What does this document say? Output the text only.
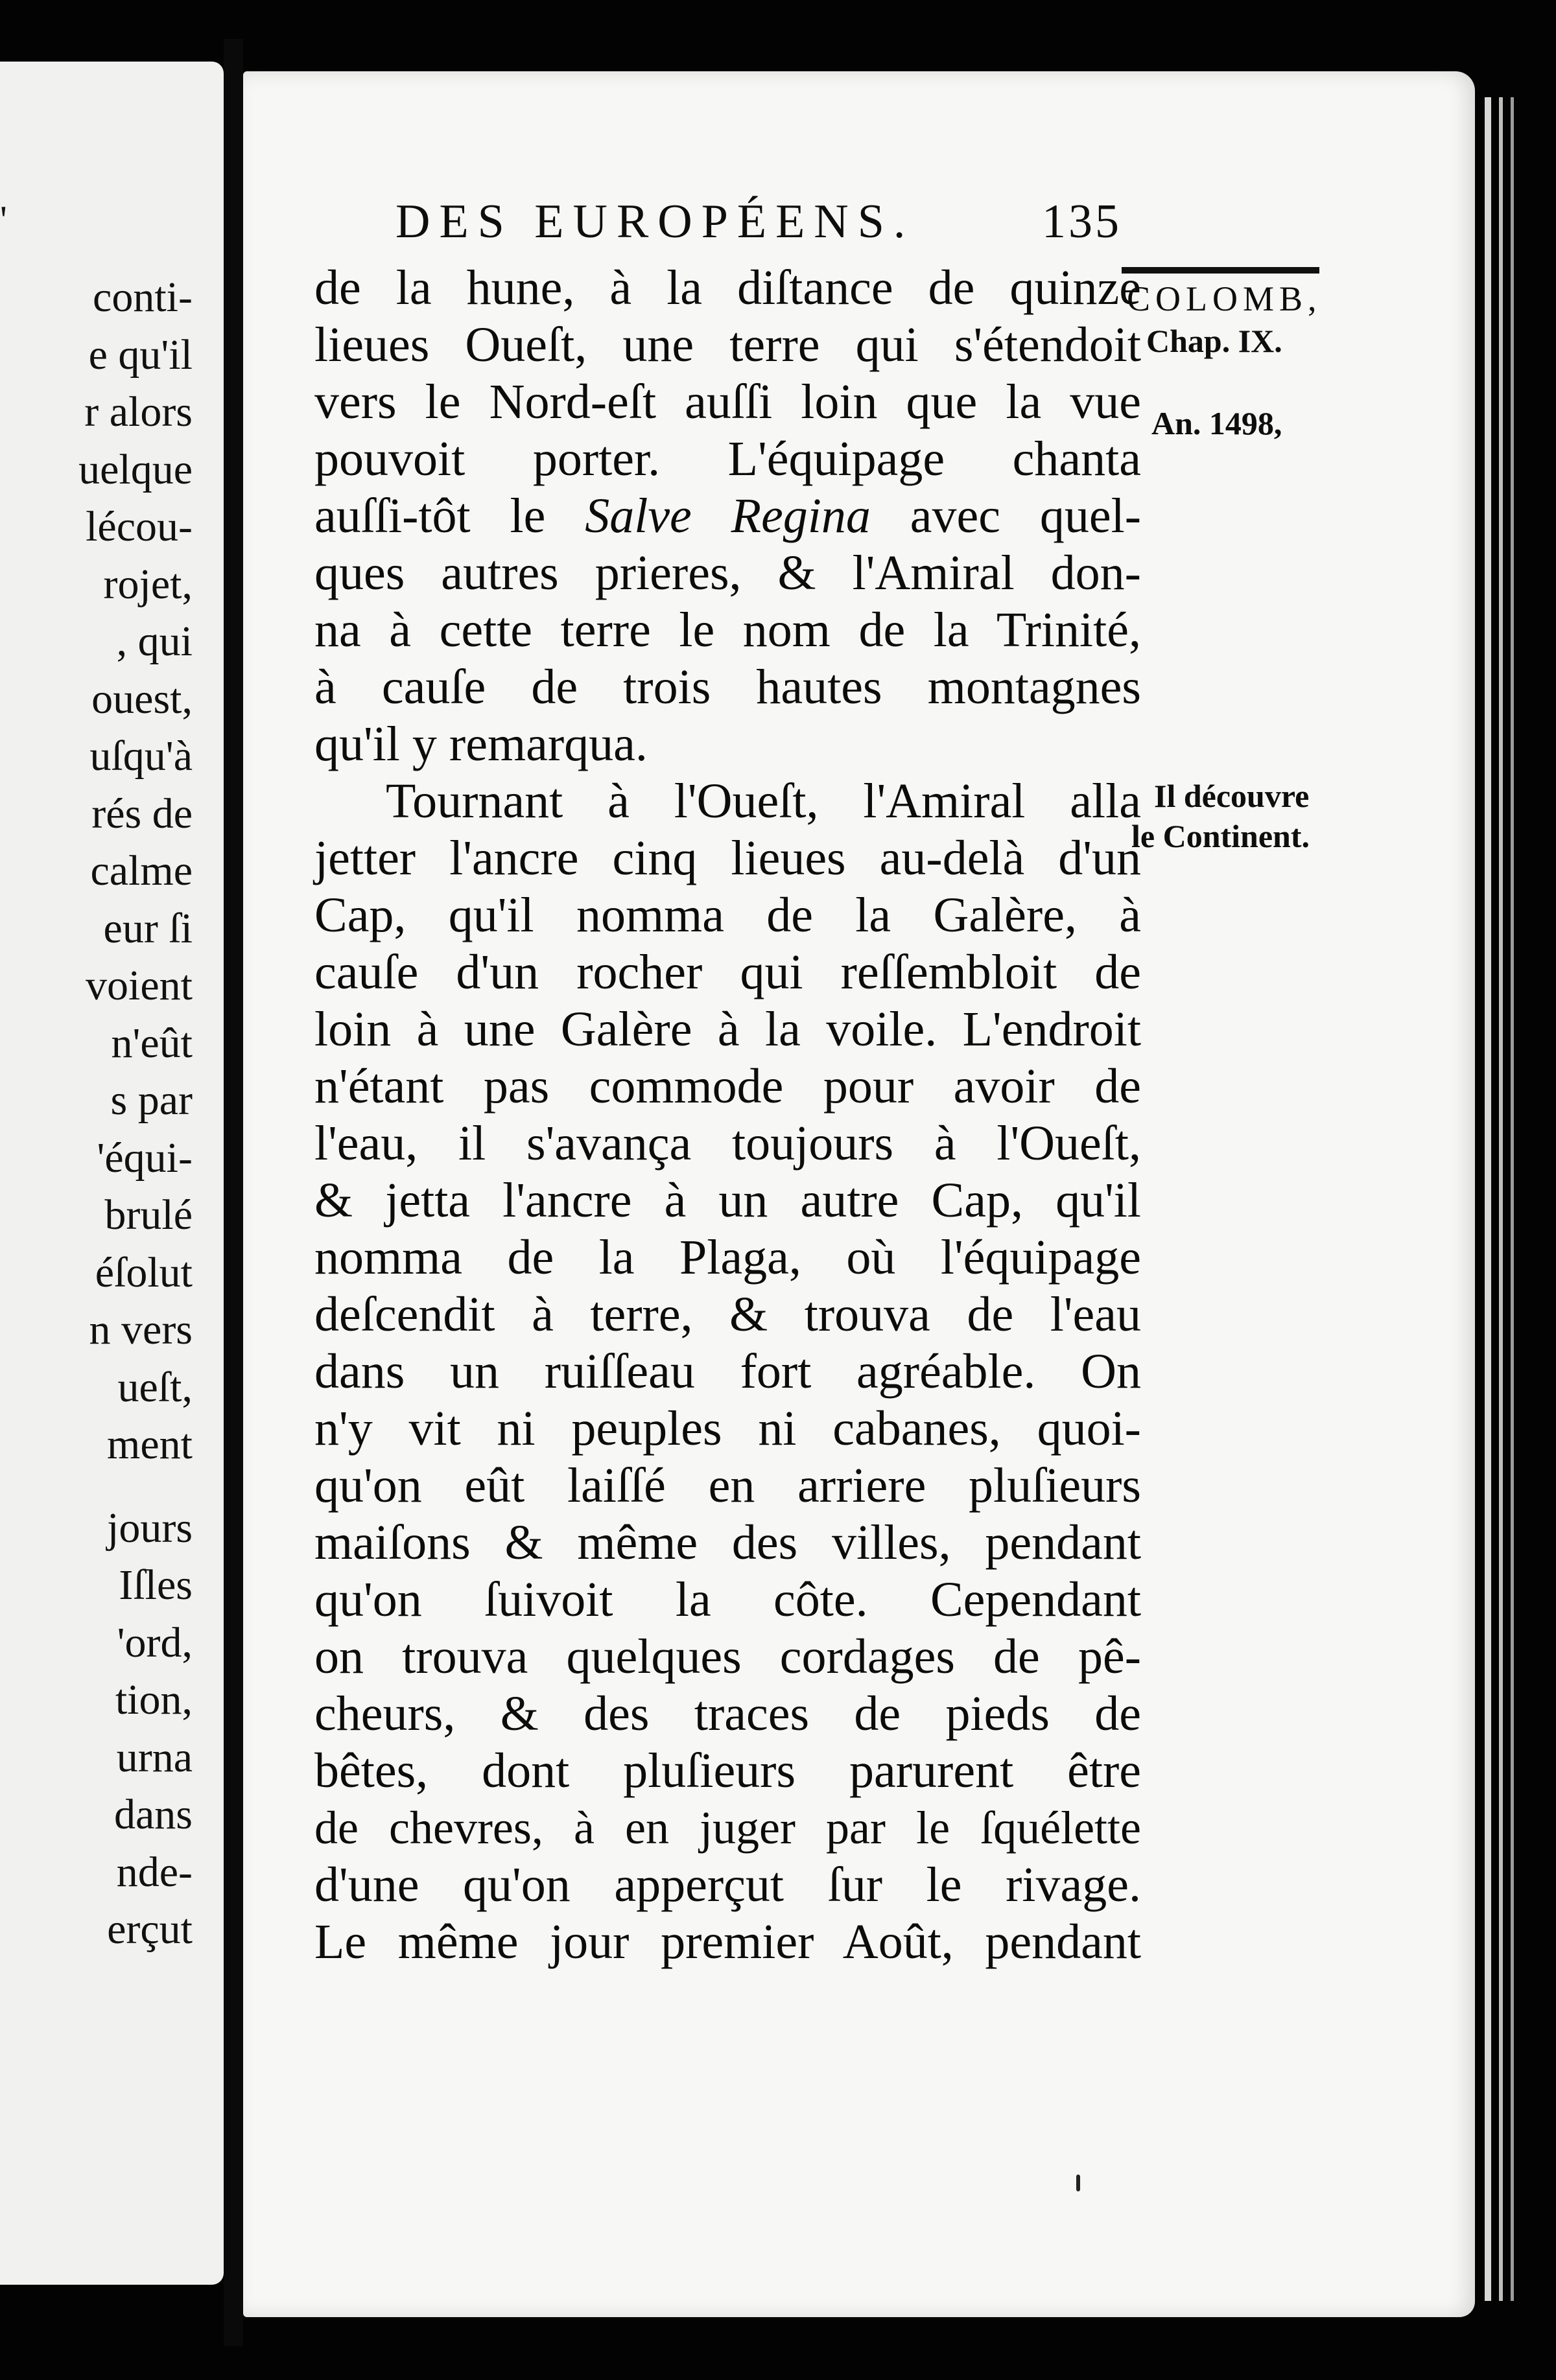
'

conti-

e qu'il

r alors

uelque

lécou-

rojet,

, qui

ouest,

uſqu'à

rés de

calme

eur ſi

voient

n'eût

s par

'équi-

brulé

éſolut

n vers

ueſt,

ment

jours

Iſles

'ord,

tion,

urna

dans

nde-

erçut

DES EUROPÉENS.	135
COLOMB,
Chap. IX.
An. 1498,
Il découvre
le Continent.
de la hune, à la diſtance de quinze
lieues Oueſt, une terre qui s'étendoit
vers le Nord-eſt auſſi loin que la vue
pouvoit porter. L'équipage chanta
auſſi-tôt le Salve Regina avec quel-
ques autres prieres, & l'Amiral don-
na à cette terre le nom de la Trinité,
à cauſe de trois hautes montagnes
qu'il y remarqua.
Tournant à l'Oueſt, l'Amiral alla
jetter l'ancre cinq lieues au-delà d'un
Cap, qu'il nomma de la Galère, à
cauſe d'un rocher qui reſſembloit de
loin à une Galère à la voile. L'endroit
n'étant pas commode pour avoir de
l'eau, il s'avança toujours à l'Oueſt,
& jetta l'ancre à un autre Cap, qu'il
nomma de la Plaga, où l'équipage
deſcendit à terre, & trouva de l'eau
dans un ruiſſeau fort agréable. On
n'y vit ni peuples ni cabanes, quoi-
qu'on eût laiſſé en arriere pluſieurs
maiſons & même des villes, pendant
qu'on ſuivoit la côte. Cependant
on trouva quelques cordages de pê-
cheurs, & des traces de pieds de
bêtes, dont pluſieurs parurent être
de chevres, à en juger par le ſquélette
d'une qu'on apperçut ſur le rivage.
Le même jour premier Août, pendant
